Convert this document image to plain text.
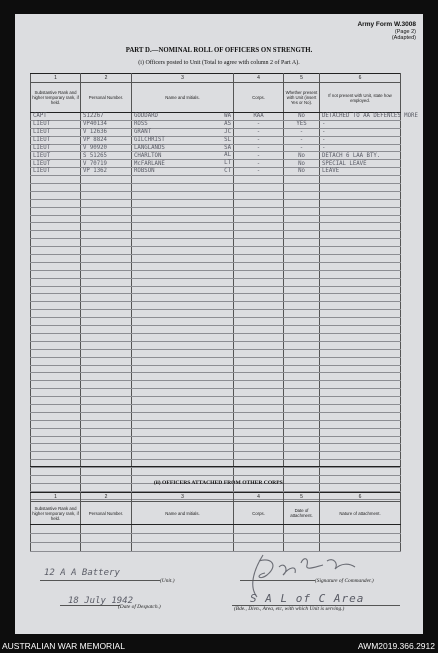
Army Form W.3008
(Page 2)
(Adapted)
PART D.—NOMINAL ROLL OF OFFICERS ON STRENGTH.
(i) Officers posted to Unit (Total to agree with column 2 of Part A).
1	2	3	4	5	6
Substantive Rank and higher temporary rank, if held.	Personal Number.	Name and Initials.	Corps.	Whether present with Unit (insert Yes or No).	If not present with Unit, state how employed.
CAPT	S12267	GODDARD WA	RAA	No	DETACHED TO AA DEFENCES MORE
LIEUT	VP40134	ROSS AS	-	YES	-
LIEUT	V 12636	GRANT JC	-	-	-
LIEUT	VP 8824	GILCHRIST SL	-	-	-
LIEUT	V 90920	LANGLANDS SA	-	-	-
LIEUT	S 51265	CHARLTON AL	-	No	DETACH 6 LAA BTY.
LIEUT	V 70719	McFARLANE LT	-	No	SPECIAL LEAVE
LIEUT	VP 1362	ROBSON CT	-	No	LEAVE

(ii) OFFICERS ATTACHED FROM OTHER CORPS.
1	2	3	4	5	6
Substantive Rank and higher temporary rank, if held.	Personal Number.	Name and Initials.	Corps.	Date of attachment.	Nature of attachment.

12 A A Battery
(Unit.)
18 July 1942
(Date of Despatch.)
(Signature of Commander.)
S A L of C Area
(Bde., Divn., Area, etc, with which Unit is serving.)
AUSTRALIAN WAR MEMORIAL	AWM2019.366.2912
